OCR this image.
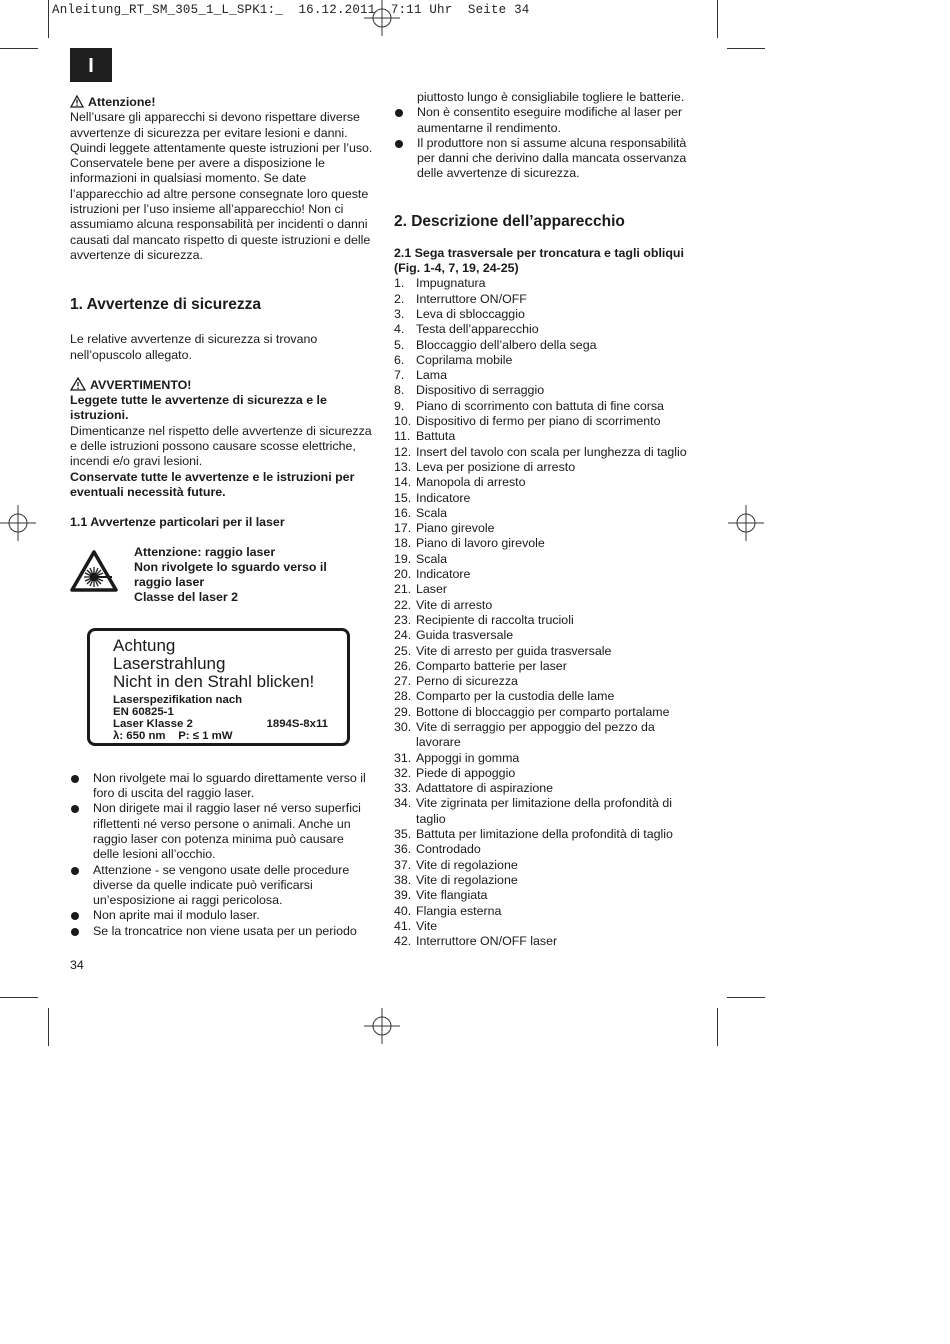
Anleitung_RT_SM_305_1_L_SPK1:_  16.12.2011  7:11 Uhr  Seite 34
I

Attenzione!

Nell’usare gli apparecchi si devono rispettare diverse avvertenze di sicurezza per evitare lesioni e danni. Quindi leggete attentamente queste istruzioni per l’uso. Conservatele bene per avere a disposizione le informazioni in qualsiasi momento. Se date l’apparecchio ad altre persone consegnate loro queste istruzioni per l’uso insieme all’apparecchio! Non ci assumiamo alcuna responsabilità per incidenti o danni causati dal mancato rispetto di queste istruzioni e delle avvertenze di sicurezza.

1. Avvertenze di sicurezza

Le relative avvertenze di sicurezza si trovano nell’opuscolo allegato.

AVVERTIMENTO!

Leggete tutte le avvertenze di sicurezza e le istruzioni.

Dimenticanze nel rispetto delle avvertenze di sicurezza e delle istruzioni possono causare scosse elettriche, incendi e/o gravi lesioni.

Conservate tutte le avvertenze e le istruzioni per eventuali necessità future.

1.1 Avvertenze particolari per il laser

Attenzione: raggio laser
Non rivolgete lo sguardo verso il
raggio laser
Classe del laser 2
Achtung
Laserstrahlung
Nicht in den Strahl blicken!
Laserspezifikation nach
EN 60825-1
Laser Klasse 2	1894S-8x11
λ: 650 nm    P: ≤ 1 mW
Non rivolgete mai lo sguardo direttamente verso il foro di uscita del raggio laser.
Non dirigete mai il raggio laser né verso superfici riflettenti né verso persone o animali. Anche un raggio laser con potenza minima può causare delle lesioni all’occhio.
Attenzione - se vengono usate delle procedure diverse da quelle indicate può verificarsi un’esposizione ai raggi pericolosa.
Non aprite mai il modulo laser.
Se la troncatrice non viene usata per un periodo

piuttosto lungo è consigliabile togliere le batterie.

Non è consentito eseguire modifiche al laser per aumentarne il rendimento.
Il produttore non si assume alcuna responsabilità per danni che derivino dalla mancata osservanza delle avvertenze di sicurezza.
2. Descrizione dell’apparecchio

2.1 Sega trasversale per troncatura e tagli obliqui (Fig. 1-4, 7, 19, 24-25)

1. Impugnatura
2. Interruttore ON/OFF
3. Leva di sbloccaggio
4. Testa dell’apparecchio
5. Bloccaggio dell’albero della sega
6. Coprilama mobile
7. Lama
8. Dispositivo di serraggio
9. Piano di scorrimento con battuta di fine corsa
10. Dispositivo di fermo per piano di scorrimento
11. Battuta
12. Insert del tavolo con scala per lunghezza di taglio
13. Leva per posizione di arresto
14. Manopola di arresto
15. Indicatore
16. Scala
17. Piano girevole
18. Piano di lavoro girevole
19. Scala
20. Indicatore
21. Laser
22. Vite di arresto
23. Recipiente di raccolta trucioli
24. Guida trasversale
25. Vite di arresto per guida trasversale
26. Comparto batterie per laser
27. Perno di sicurezza
28. Comparto per la custodia delle lame
29. Bottone di bloccaggio per comparto portalame
30. Vite di serraggio per appoggio del pezzo da lavorare
31. Appoggi in gomma
32. Piede di appoggio
33. Adattatore di aspirazione
34. Vite zigrinata per limitazione della profondità di taglio
35. Battuta per limitazione della profondità di taglio
36. Controdado
37. Vite di regolazione
38. Vite di regolazione
39. Vite flangiata
40. Flangia esterna
41. Vite
42. Interruttore ON/OFF laser
34
